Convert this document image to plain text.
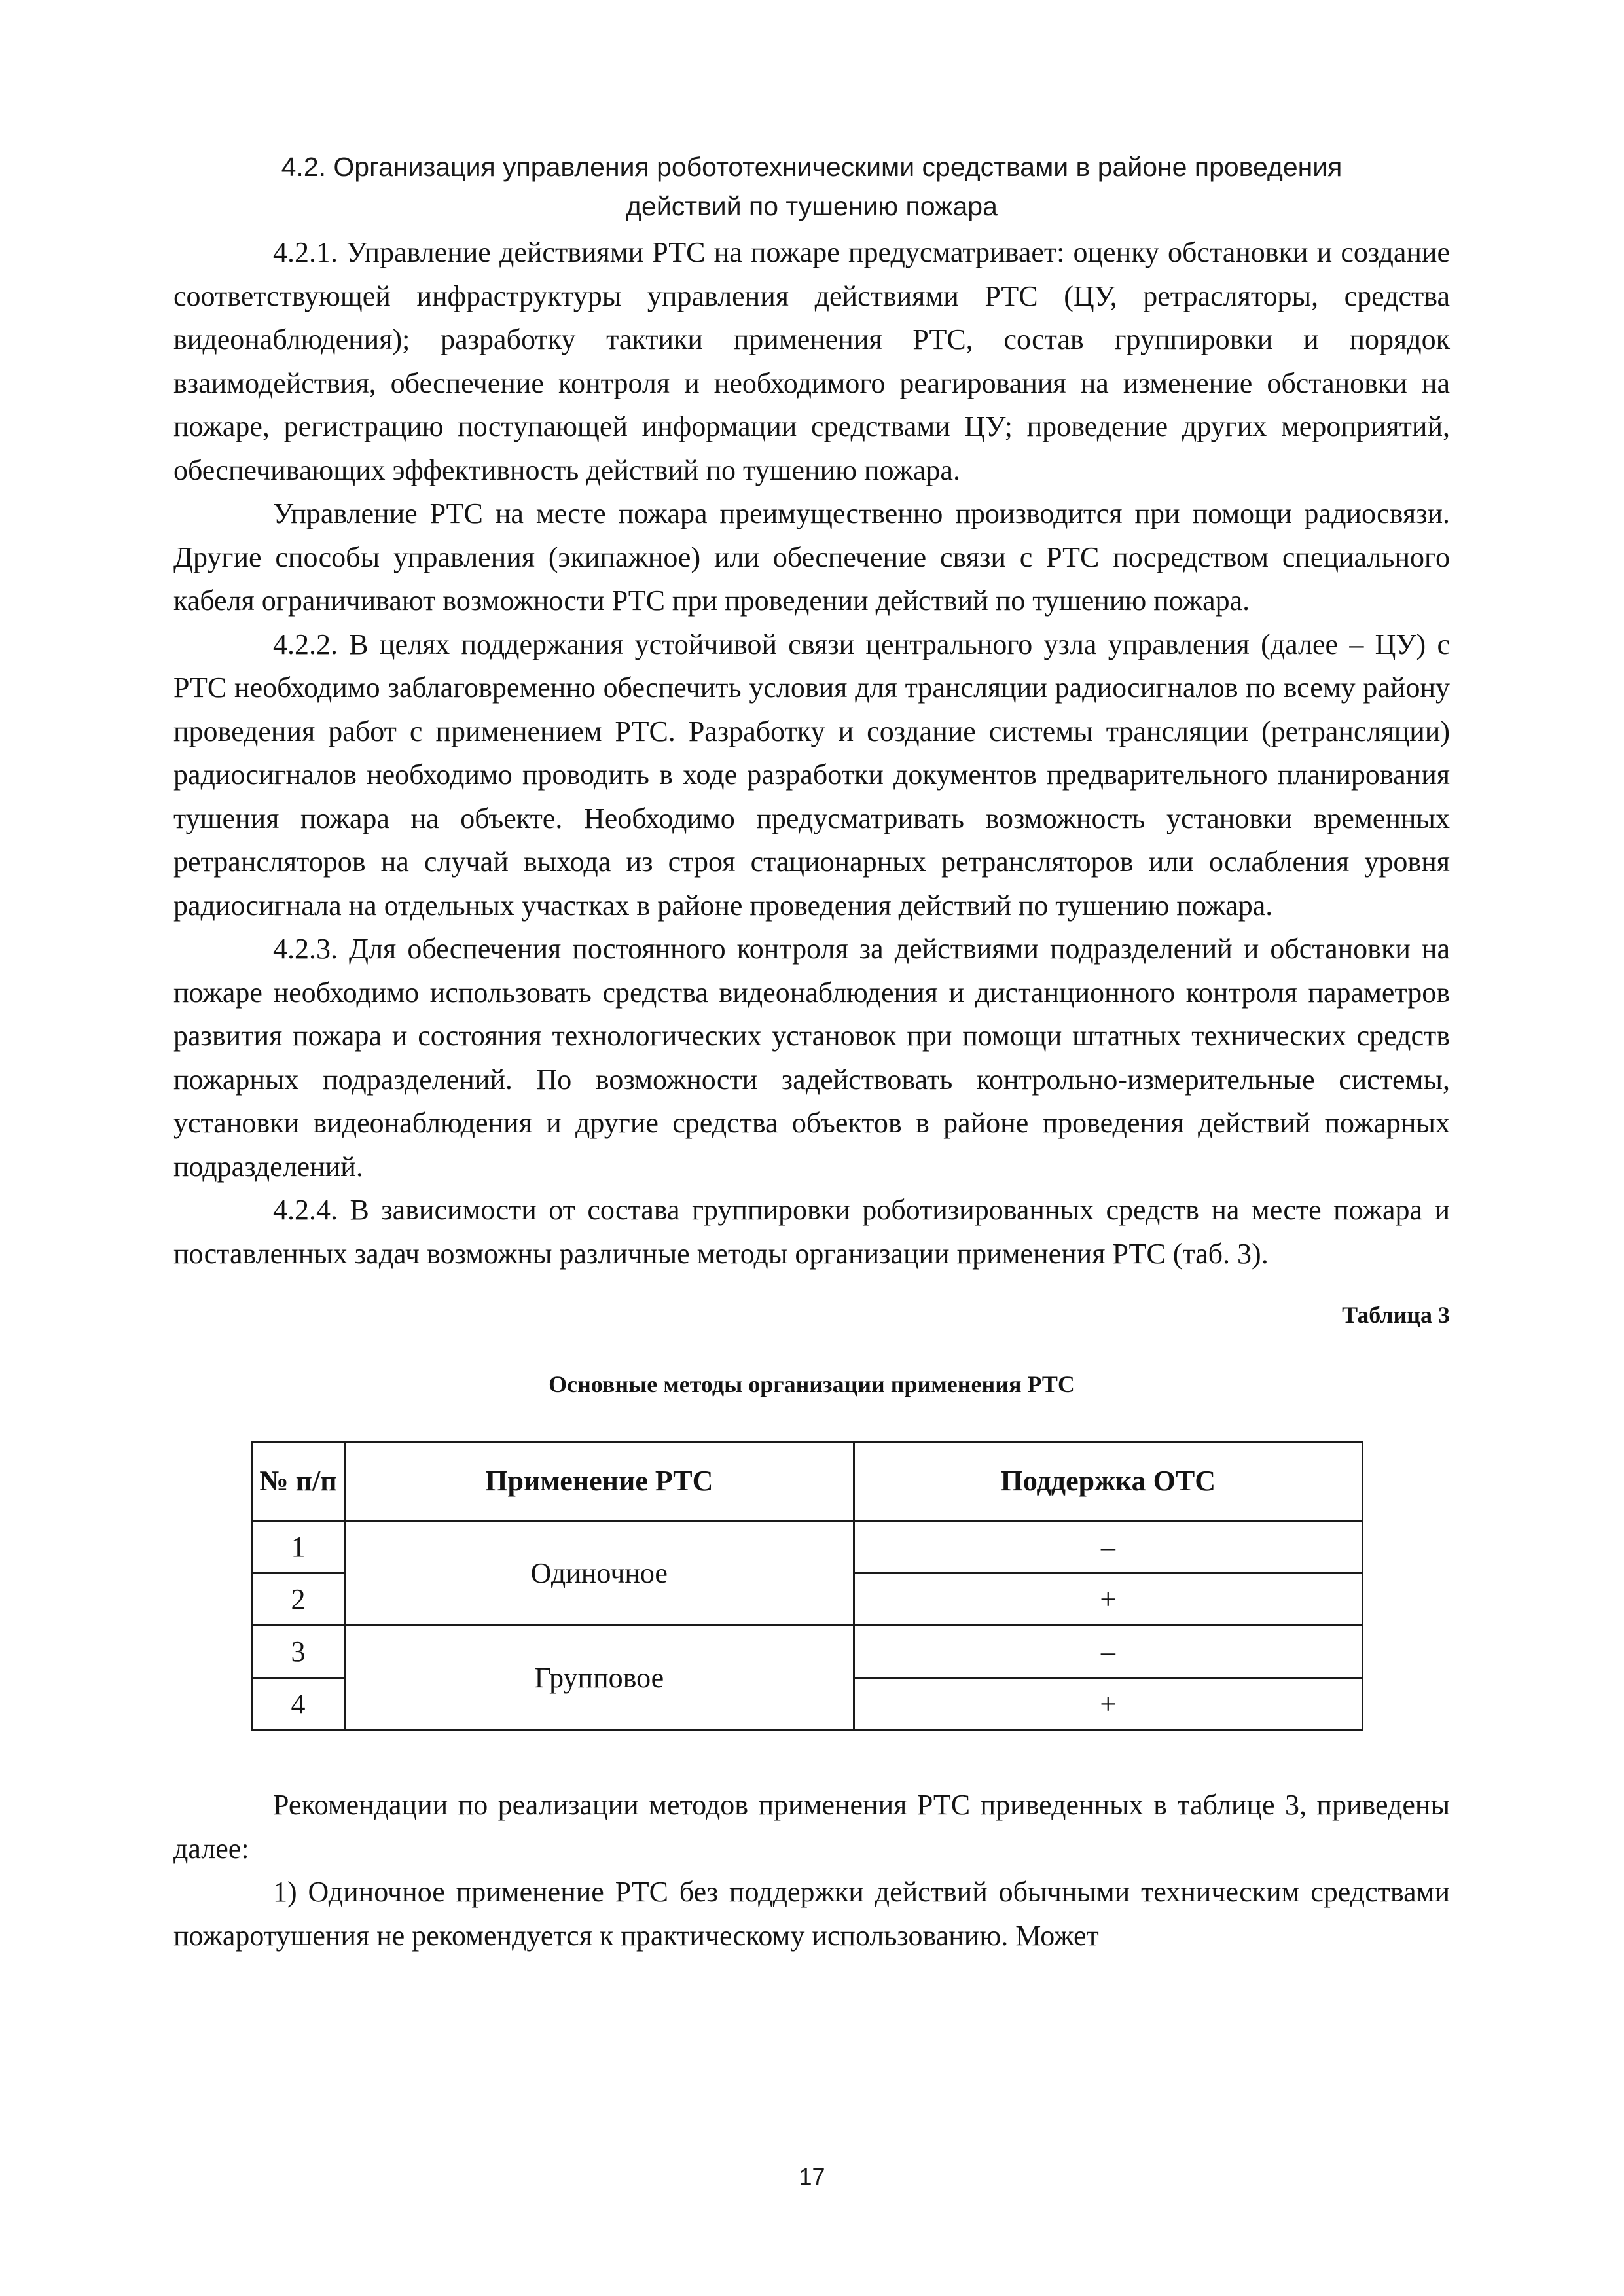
4.2. Организация управления робототехническими средствами в районе проведения
действий по тушению пожара

4.2.1. Управление действиями РТС на пожаре предусматривает: оценку обстановки и создание соответствующей инфраструктуры управления действиями РТС (ЦУ, ретрасляторы, средства видеонаблюдения); разработку тактики применения РТС, состав группировки и порядок взаимодействия, обеспечение контроля и необходимого реагирования на изменение обстановки на пожаре, регистрацию поступающей информации средствами ЦУ; проведение других мероприятий, обеспечивающих эффективность действий по тушению пожара.

Управление РТС на месте пожара преимущественно производится при помощи радиосвязи. Другие способы управления (экипажное) или обеспечение связи с РТС посредством специального кабеля ограничивают возможности РТС при проведении действий по тушению пожара.

4.2.2. В целях поддержания устойчивой связи центрального узла управления (далее – ЦУ) с РТС необходимо заблаговременно обеспечить условия для трансляции радиосигналов по всему району проведения работ с применением РТС. Разработку и создание системы трансляции (ретрансляции) радиосигналов необходимо проводить в ходе разработки документов предварительного планирования тушения пожара на объекте. Необходимо предусматривать возможность установки временных ретрансляторов на случай выхода из строя стационарных ретрансляторов или ослабления уровня радиосигнала на отдельных участках в районе проведения действий по тушению пожара.

4.2.3. Для обеспечения постоянного контроля за действиями подразделений и обстановки на пожаре необходимо использовать средства видеонаблюдения и дистанционного контроля параметров развития пожара и состояния технологических установок при помощи штатных технических средств пожарных подразделений. По возможности задействовать контрольно-измерительные системы, установки видеонаблюдения и другие средства объектов в районе проведения действий пожарных подразделений.

4.2.4. В зависимости от состава группировки роботизированных средств на месте пожара и поставленных задач возможны различные методы организации применения РТС (таб. 3).

Таблица 3
Основные методы организации применения РТС
№ п/п	Применение РТС	Поддержка ОТС
1	Одиночное	–
2		+
3	Групповое	–
4		+

Рекомендации по реализации методов применения РТС приведенных в таблице 3, приведены далее:

1) Одиночное применение РТС без поддержки действий обычными техническим средствами пожаротушения не рекомендуется к практическому использованию. Может

17
